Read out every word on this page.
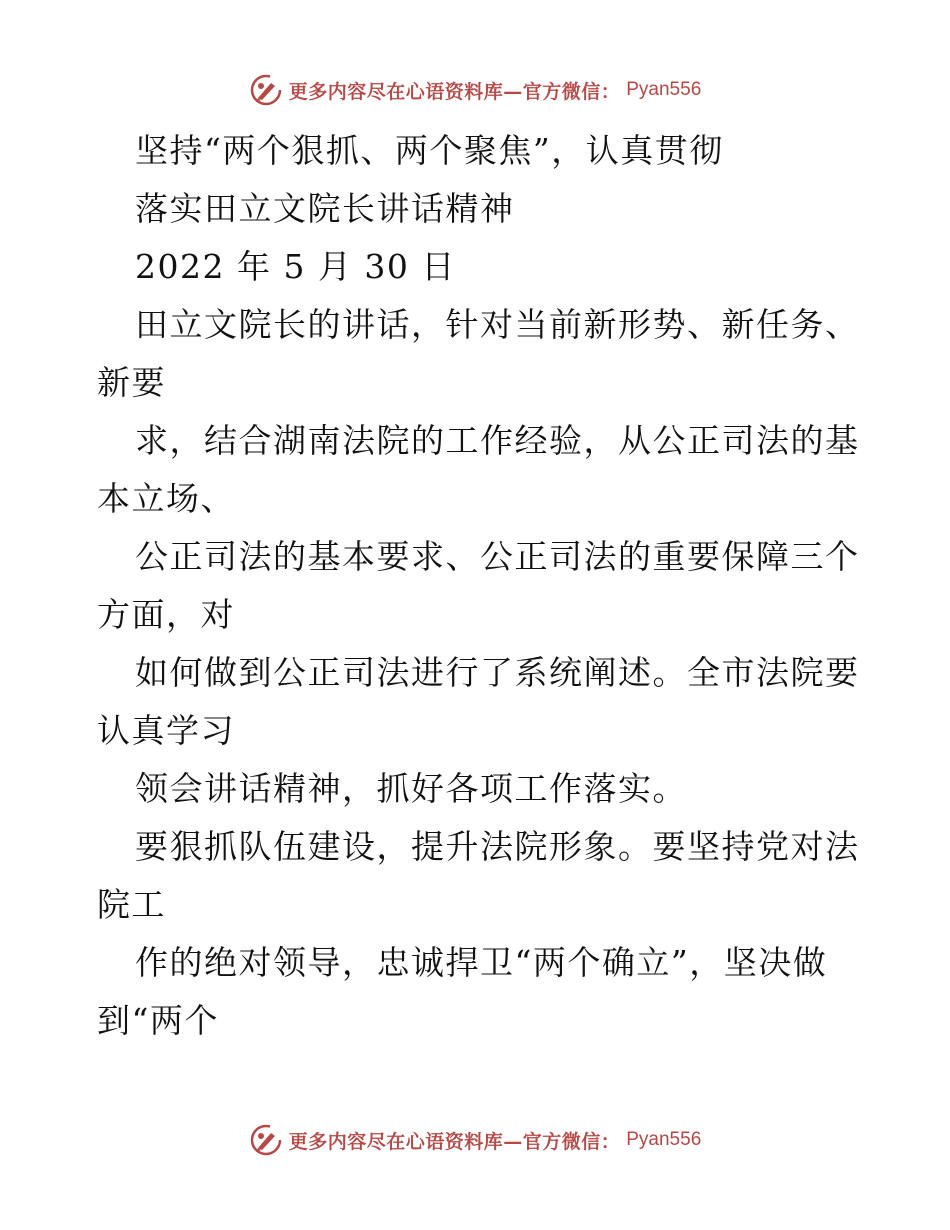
更多内容尽在心语资料库—官方微信： Pyan556
坚持“两个狠抓、两个聚焦”，认真贯彻
落实田立文院长讲话精神
2022 年 5 月 30 日
田立文院长的讲话，针对当前新形势、新任务、
新要
求，结合湖南法院的工作经验，从公正司法的基
本立场、
公正司法的基本要求、公正司法的重要保障三个
方面，对
如何做到公正司法进行了系统阐述。全市法院要
认真学习
领会讲话精神，抓好各项工作落实。
要狠抓队伍建设，提升法院形象。要坚持党对法
院工
作的绝对领导，忠诚捍卫“两个确立”，坚决做
到“两个
更多内容尽在心语资料库—官方微信： Pyan556
